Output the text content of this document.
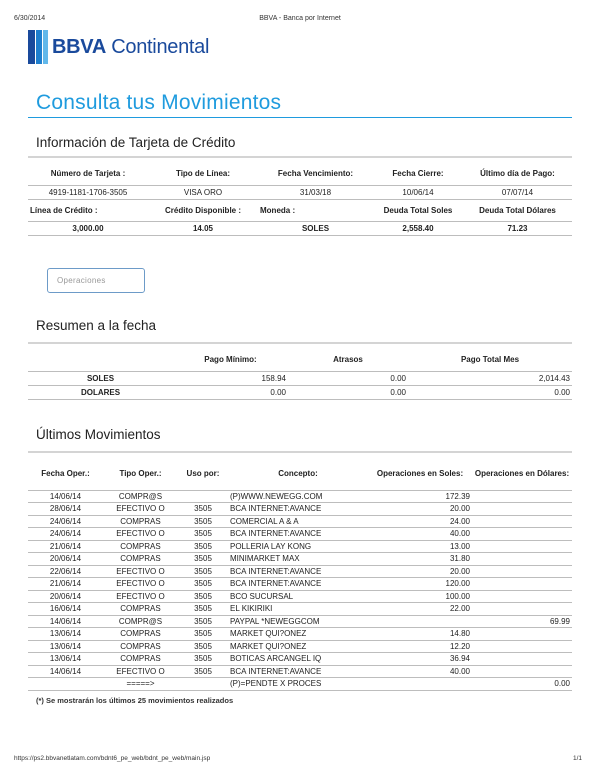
6/30/2014	BBVA - Banca por Internet
BBVA Continental
Consulta tus Movimientos
Información de Tarjeta de Crédito
Número de Tarjeta :	Tipo de Línea:	Fecha Vencimiento:	Fecha Cierre:	Último día de Pago:
4919-1181-1706-3505	VISA ORO	31/03/18	10/06/14	07/07/14
Línea de Crédito :	Crédito Disponible :	Moneda :	Deuda Total Soles	Deuda Total Dólares
3,000.00	14.05	SOLES	2,558.40	71.23
Operaciones
Resumen a la fecha
	Pago Mínimo:	Atrasos	Pago Total Mes
SOLES	158.94	0.00	2,014.43
DOLARES	0.00	0.00	0.00
Últimos Movimientos
Fecha Oper.:	Tipo Oper.:	Uso por:	Concepto:	Operaciones en Soles:	Operaciones en Dólares:
14/06/14	COMPR@S		(P)WWW.NEWEGG.COM	172.39	
28/06/14	EFECTIVO O	3505	BCA INTERNET:AVANCE	20.00	
24/06/14	COMPRAS	3505	COMERCIAL A & A	24.00	
24/06/14	EFECTIVO O	3505	BCA INTERNET:AVANCE	40.00	
21/06/14	COMPRAS	3505	POLLERIA LAY KONG	13.00	
20/06/14	COMPRAS	3505	MINIMARKET MAX	31.80	
22/06/14	EFECTIVO O	3505	BCA INTERNET:AVANCE	20.00	
21/06/14	EFECTIVO O	3505	BCA INTERNET:AVANCE	120.00	
20/06/14	EFECTIVO O	3505	BCO SUCURSAL	100.00	
16/06/14	COMPRAS	3505	EL KIKIRIKI	22.00	
14/06/14	COMPR@S	3505	PAYPAL *NEWEGGCOM		69.99
13/06/14	COMPRAS	3505	MARKET QUI?ONEZ	14.80	
13/06/14	COMPRAS	3505	MARKET QUI?ONEZ	12.20	
13/06/14	COMPRAS	3505	BOTICAS ARCANGEL IQ	36.94	
14/06/14	EFECTIVO O	3505	BCA INTERNET:AVANCE	40.00	
	=====>		(P)=PENDTE X PROCES		0.00
(*) Se mostrarán los últimos 25 movimientos realizados
https://ps2.bbvanetlatam.com/bdnt6_pe_web/bdnt_pe_web/main.jsp	1/1
